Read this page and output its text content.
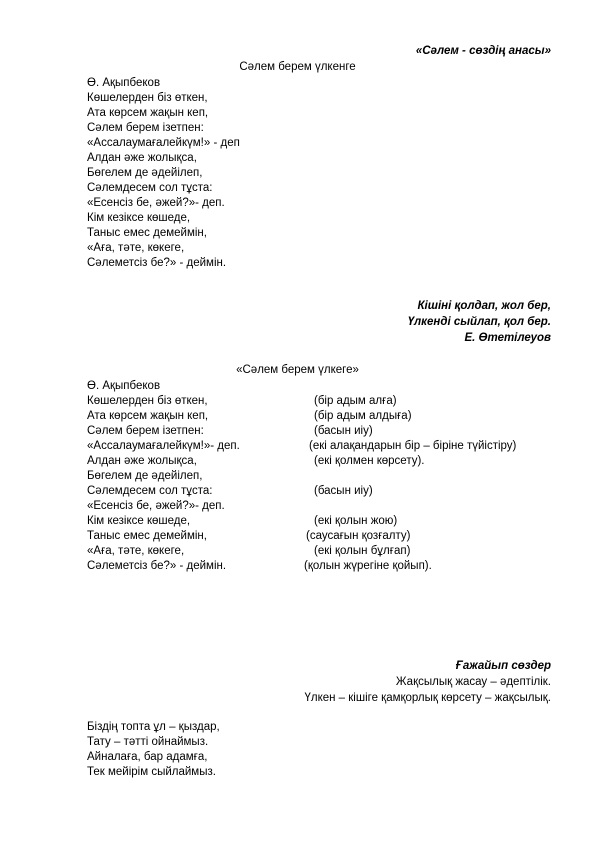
«Сәлем - сөздің анасы»
Сәлем берем үлкенге
Ө. Ақыпбеков
Көшелерден біз өткен,
Ата көрсем жақын кеп,
Сәлем берем ізетпен:
«Ассалаумағалейкүм!» - деп
Алдан әже жолықса,
Бөгелем де әдейілеп,
Сәлемдесем сол тұста:
«Есенсіз бе, әжей?»- деп.
Кім кезіксе көшеде,
Таныс емес демеймін,
«Аға, тәте, көкеге,
Сәлеметсіз бе?» - деймін.
Кішіні қолдап, жол бер,
Үлкенді сыйлап, қол бер.
Е. Өтетілеуов
«Сәлем берем үлкеге»
Ө. Ақыпбеков
Көшелерден біз өткен,	(бір адым алға)
Ата көрсем жақын кеп,	(бір адым алдыға)
Сәлем берем ізетпен:	(басын иіу)
«Ассалаумағалейкүм!»- деп.	(екі алақандарын бір – біріне түйістіру)
Алдан әже жолықса,	(екі қолмен көрсету).
Бөгелем де әдейілеп,
Сәлемдесем сол тұста:	(басын иіу)
«Есенсіз бе, әжей?»- деп.
Кім кезіксе көшеде,	(екі қолын жою)
Таныс емес демеймін,	(саусағын қозғалту)
«Аға, тәте, көкеге,	(екі қолын бұлғап)
Сәлеметсіз бе?» - деймін.	(қолын жүрегіне қойып).
Ғажайып сөздер
Жақсылық жасау – әдептілік.
Үлкен – кішіге қамқорлық көрсету – жақсылық.
Біздің топта ұл – қыздар,
Тату – тәтті ойнаймыз.
Айналаға, бар адамға,
Тек мейірім сыйлаймыз.
